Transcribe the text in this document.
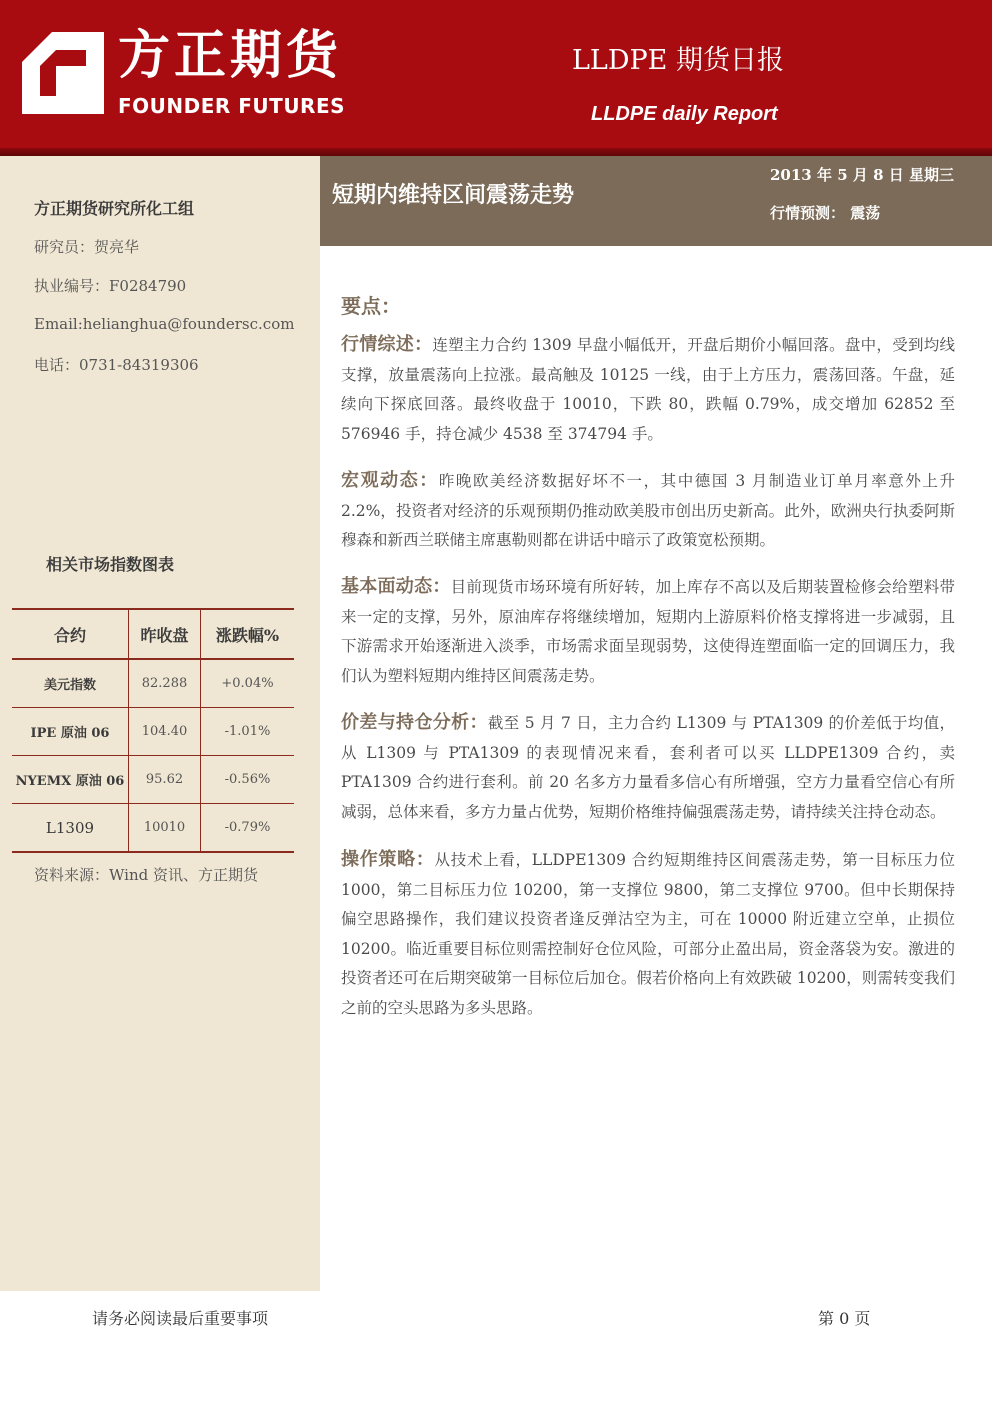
方正期货
FOUNDER FUTURES
LLDPE 期货日报
LLDPE daily Report
方正期货研究所化工组
研究员：贺亮华
执业编号：F0284790
Email:helianghua@foundersc.com
电话：0731-84319306
相关市场指数图表
合约	昨收盘	涨跌幅%
美元指数	82.288	+0.04%
IPE 原油 06	104.40	-1.01%
NYEMX 原油 06	95.62	-0.56%
L1309	10010	-0.79%
资料来源：Wind 资讯、方正期货
短期内维持区间震荡走势
2013 年 5 月 8 日 星期三
行情预测： 震荡
要点：

行情综述：连塑主力合约 1309 早盘小幅低开，开盘后期价小幅回落。盘中，受到均线支撑，放量震荡向上拉涨。最高触及 10125 一线，由于上方压力，震荡回落。午盘，延续向下探底回落。最终收盘于 10010，下跌 80，跌幅 0.79%，成交增加 62852 至 576946 手，持仓减少 4538 至 374794 手。

宏观动态：昨晚欧美经济数据好坏不一，其中德国 3 月制造业订单月率意外上升 2.2%，投资者对经济的乐观预期仍推动欧美股市创出历史新高。此外，欧洲央行执委阿斯穆森和新西兰联储主席惠勒则都在讲话中暗示了政策宽松预期。

基本面动态：目前现货市场环境有所好转，加上库存不高以及后期装置检修会给塑料带来一定的支撑，另外，原油库存将继续增加，短期内上游原料价格支撑将进一步减弱，且下游需求开始逐渐进入淡季，市场需求面呈现弱势，这使得连塑面临一定的回调压力，我们认为塑料短期内维持区间震荡走势。

价差与持仓分析：截至 5 月 7 日，主力合约 L1309 与 PTA1309 的价差低于均值，从 L1309 与 PTA1309 的表现情况来看，套利者可以买 LLDPE1309 合约，卖 PTA1309 合约进行套利。前 20 名多方力量看多信心有所增强，空方力量看空信心有所减弱，总体来看，多方力量占优势，短期价格维持偏强震荡走势，请持续关注持仓动态。

操作策略：从技术上看，LLDPE1309 合约短期维持区间震荡走势，第一目标压力位 1000，第二目标压力位 10200，第一支撑位 9800，第二支撑位 9700。但中长期保持偏空思路操作，我们建议投资者逢反弹沽空为主，可在 10000 附近建立空单，止损位 10200。临近重要目标位则需控制好仓位风险，可部分止盈出局，资金落袋为安。激进的投资者还可在后期突破第一目标位后加仓。假若价格向上有效跌破 10200，则需转变我们之前的空头思路为多头思路。

请务必阅读最后重要事项	第 0 页
